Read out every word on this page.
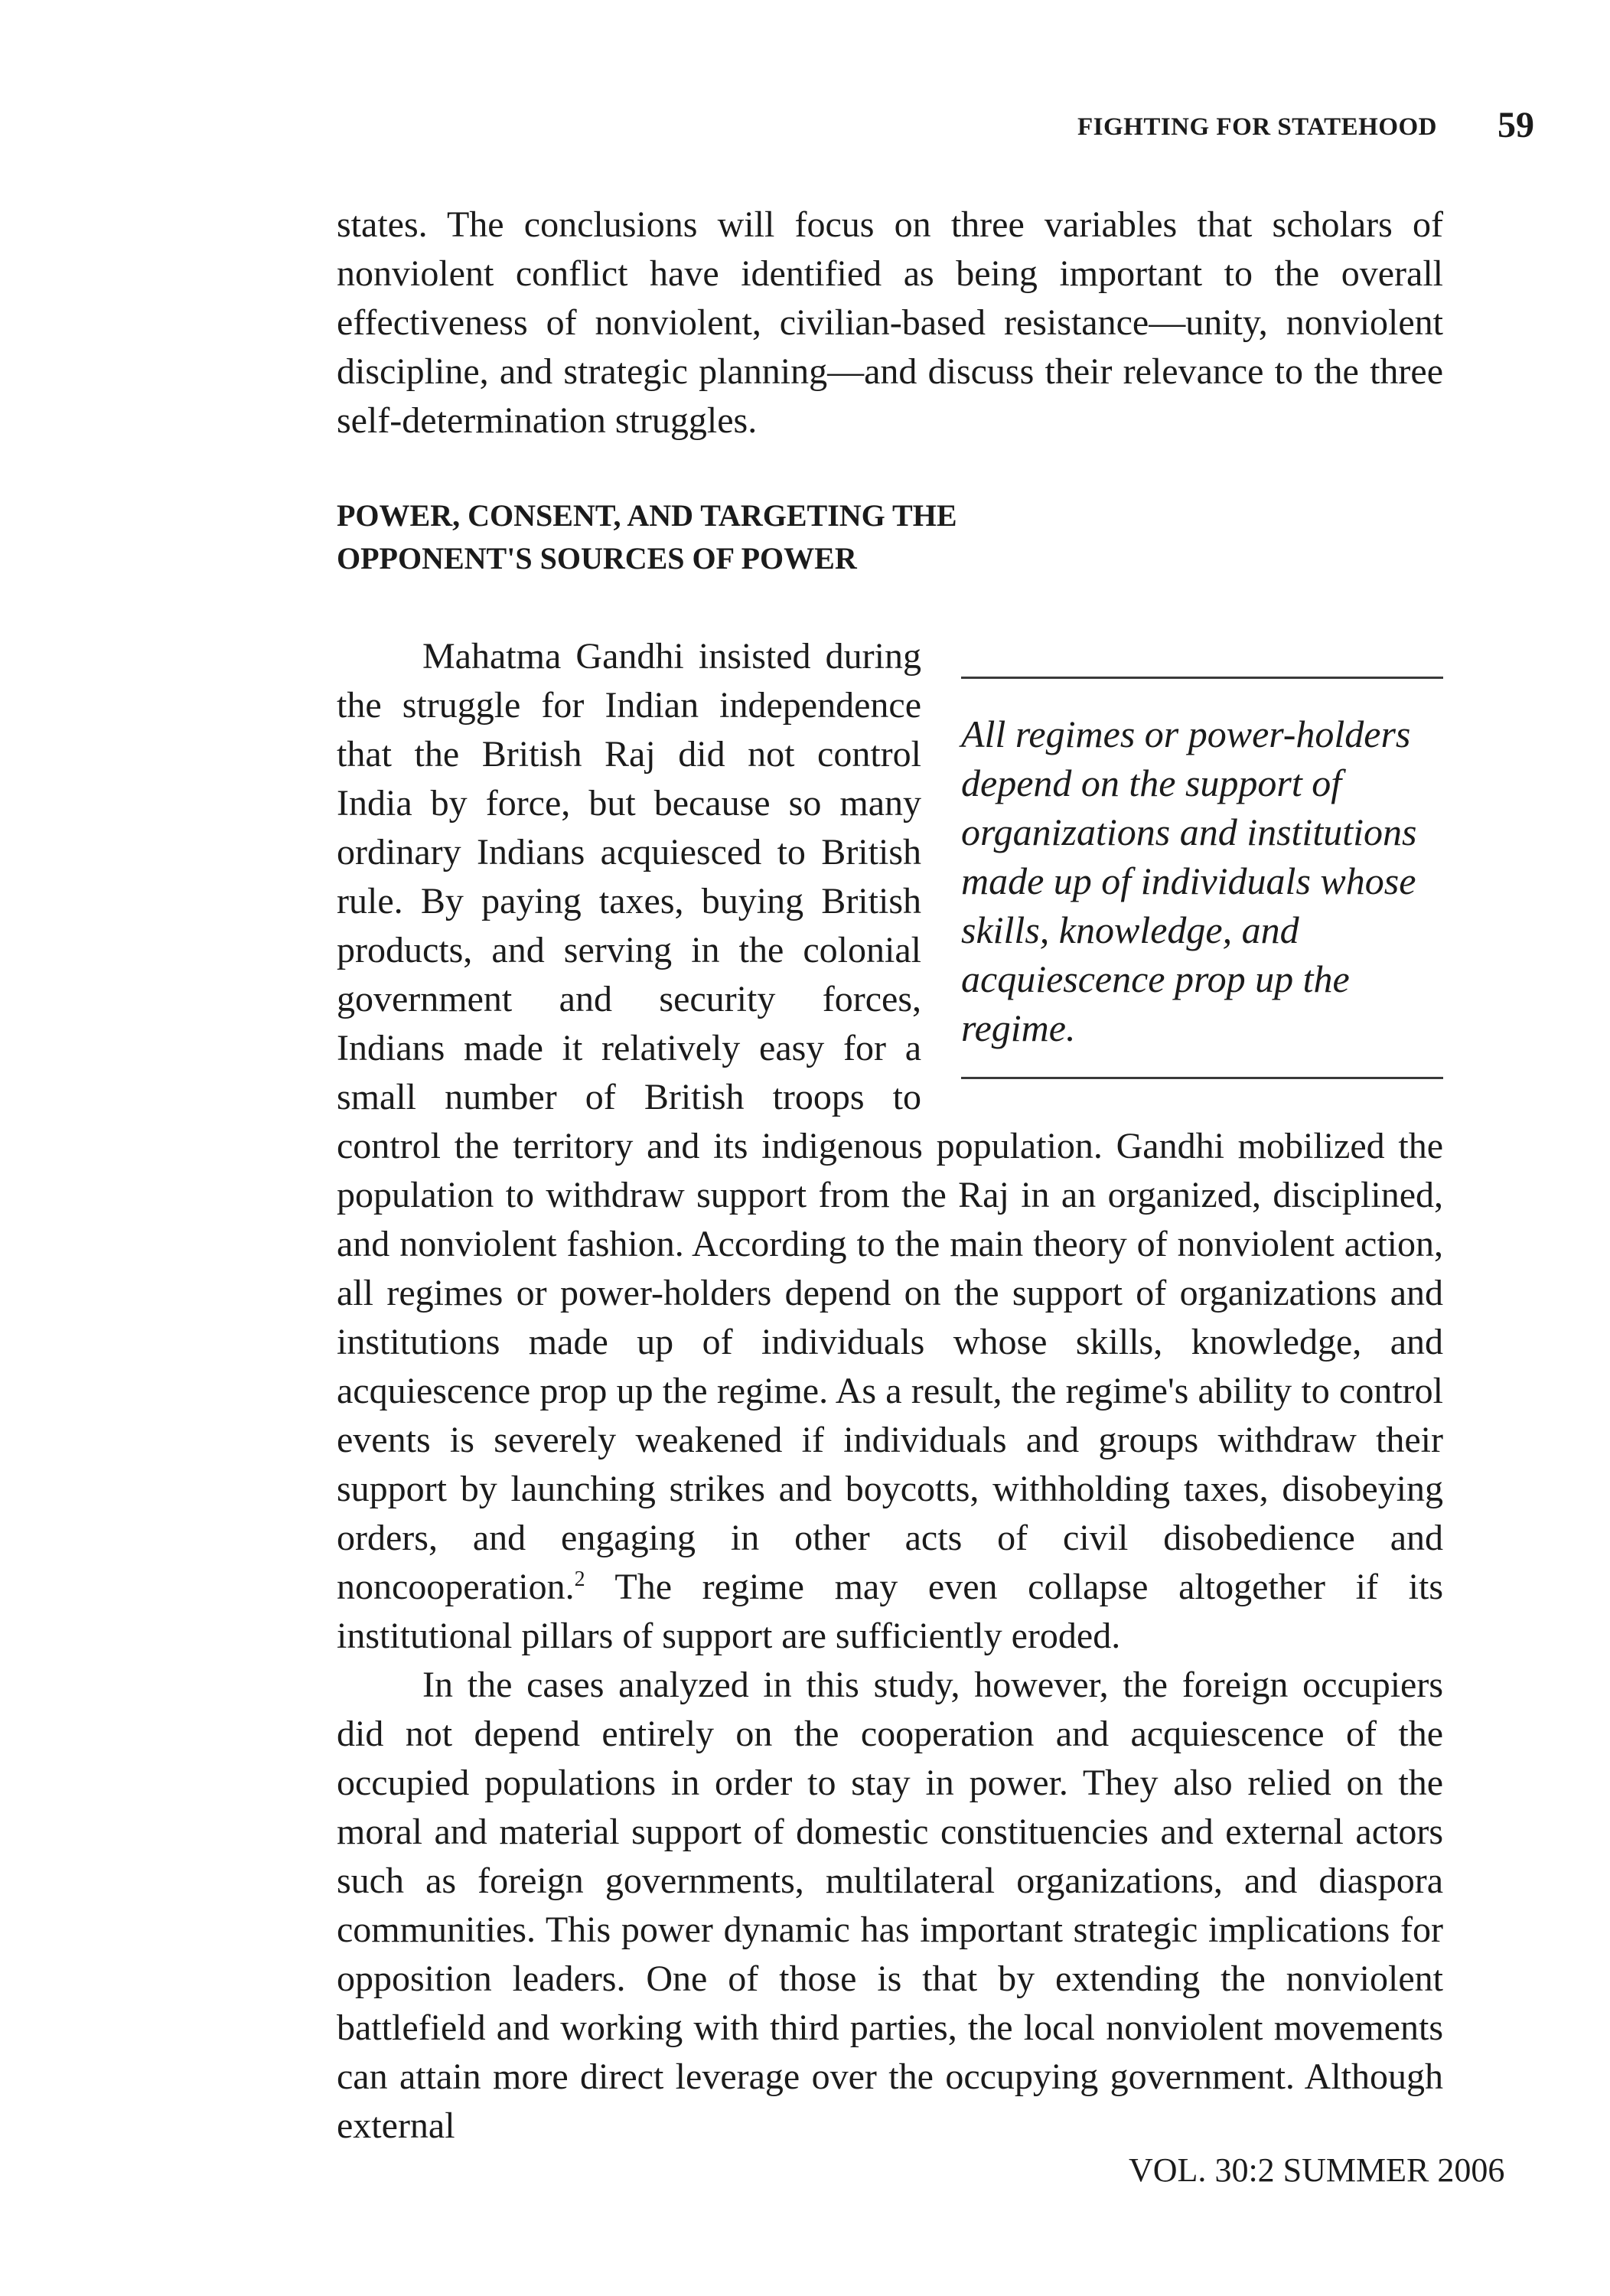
FIGHTING FOR STATEHOOD 59

states. The conclusions will focus on three variables that scholars of nonviolent conflict have identified as being important to the overall effectiveness of nonviolent, civilian-based resistance—unity, nonviolent discipline, and strategic planning—and discuss their relevance to the three self-determination struggles.

POWER, CONSENT, AND TARGETING THE
OPPONENT'S SOURCES OF POWER
All regimes or power-holders depend on the support of organizations and institutions made up of individuals whose skills, knowledge, and acquiescence prop up the regime.

Mahatma Gandhi insisted during the struggle for Indian independence that the British Raj did not control India by force, but because so many ordinary Indians acquiesced to British rule. By paying taxes, buying British products, and serving in the colonial government and security forces, Indians made it relatively easy for a small number of British troops to control the territory and its indigenous population. Gandhi mobilized the population to withdraw support from the Raj in an organized, disciplined, and nonviolent fashion. According to the main theory of nonviolent action, all regimes or power-holders depend on the support of organizations and institutions made up of individuals whose skills, knowledge, and acquiescence prop up the regime. As a result, the regime's ability to control events is severely weakened if individuals and groups withdraw their support by launching strikes and boycotts, withholding taxes, disobeying orders, and engaging in other acts of civil disobedience and noncooperation.$^2$ The regime may even collapse altogether if its institutional pillars of support are sufficiently eroded.

In the cases analyzed in this study, however, the foreign occupiers did not depend entirely on the cooperation and acquiescence of the occupied populations in order to stay in power. They also relied on the moral and material support of domestic constituencies and external actors such as foreign governments, multilateral organizations, and diaspora communities. This power dynamic has important strategic implications for opposition leaders. One of those is that by extending the nonviolent battlefield and working with third parties, the local nonviolent movements can attain more direct leverage over the occupying government. Although external

VOL. 30:2 SUMMER 2006
